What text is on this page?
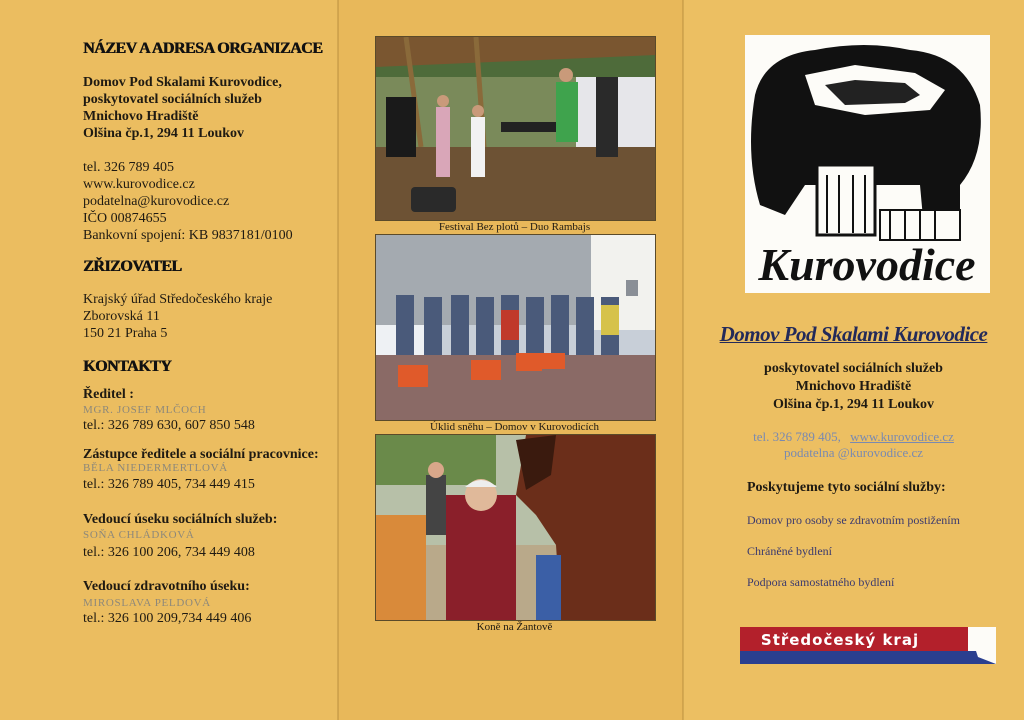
NÁZEV A ADRESA ORGANIZACE
Domov Pod Skalami Kurovodice,
poskytovatel sociálních služeb
Mnichovo Hradiště
Olšina čp.1, 294 11 Loukov
tel. 326 789 405
www.kurovodice.cz
podatelna@kurovodice.cz
IČO 00874655
Bankovní spojení: KB 9837181/0100
ZŘIZOVATEL
Krajský úřad Středočeského kraje
Zborovská 11
150 21 Praha 5
KONTAKTY
Ředitel :
MGR. JOSEF MLČOCH
tel.: 326 789 630, 607 850 548
Zástupce ředitele a sociální pracovnice:
BĚLA NIEDERMERTLOVÁ
tel.: 326 789 405, 734 449 415
Vedoucí úseku sociálních služeb:
SOŇA CHLÁDKOVÁ
tel.: 326 100 206, 734 449 408
Vedoucí zdravotního úseku:
MIROSLAVA PELDOVÁ
tel.: 326 100 209,734 449 406
Festival Bez plotů – Duo Rambajs
Úklid sněhu – Domov v Kurovodicích
Koně na Žantově
Kurovodice
Domov Pod Skalami Kurovodice
poskytovatel sociálních služeb
Mnichovo Hradiště
Olšina čp.1, 294 11 Loukov
tel. 326 789 405, www.kurovodice.cz
podatelna @kurovodice.cz
Poskytujeme tyto sociální služby:
Domov pro osoby se zdravotním postižením
Chráněné bydlení
Podpora samostatného bydlení
Středočeský kraj
